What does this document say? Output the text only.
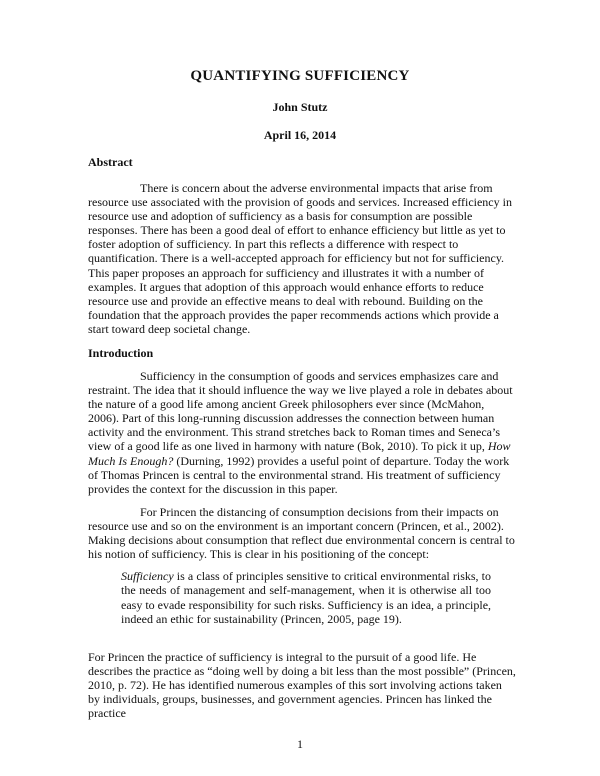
QUANTIFYING SUFFICIENCY
John Stutz
April 16, 2014
Abstract

There is concern about the adverse environmental impacts that arise from resource use associated with the provision of goods and services. Increased efficiency in resource use and adoption of sufficiency as a basis for consumption are possible responses. There has been a good deal of effort to enhance efficiency but little as yet to foster adoption of sufficiency. In part this reflects a difference with respect to quantification. There is a well-accepted approach for efficiency but not for sufficiency. This paper proposes an approach for sufficiency and illustrates it with a number of examples. It argues that adoption of this approach would enhance efforts to reduce resource use and provide an effective means to deal with rebound. Building on the foundation that the approach provides the paper recommends actions which provide a start toward deep societal change.

Introduction

Sufficiency in the consumption of goods and services emphasizes care and restraint. The idea that it should influence the way we live played a role in debates about the nature of a good life among ancient Greek philosophers ever since (McMahon, 2006). Part of this long-running discussion addresses the connection between human activity and the environment. This strand stretches back to Roman times and Seneca’s view of a good life as one lived in harmony with nature (Bok, 2010). To pick it up, How Much Is Enough? (Durning, 1992) provides a useful point of departure. Today the work of Thomas Princen is central to the environmental strand. His treatment of sufficiency provides the context for the discussion in this paper.

For Princen the distancing of consumption decisions from their impacts on resource use and so on the environment is an important concern (Princen, et al., 2002). Making decisions about consumption that reflect due environmental concern is central to his notion of sufficiency. This is clear in his positioning of the concept:

Sufficiency is a class of principles sensitive to critical environmental risks, to the needs of management and self-management, when it is otherwise all too easy to evade responsibility for such risks. Sufficiency is an idea, a principle, indeed an ethic for sustainability (Princen, 2005, page 19).

For Princen the practice of sufficiency is integral to the pursuit of a good life. He describes the practice as “doing well by doing a bit less than the most possible” (Princen, 2010, p. 72). He has identified numerous examples of this sort involving actions taken by individuals, groups, businesses, and government agencies. Princen has linked the practice

1
